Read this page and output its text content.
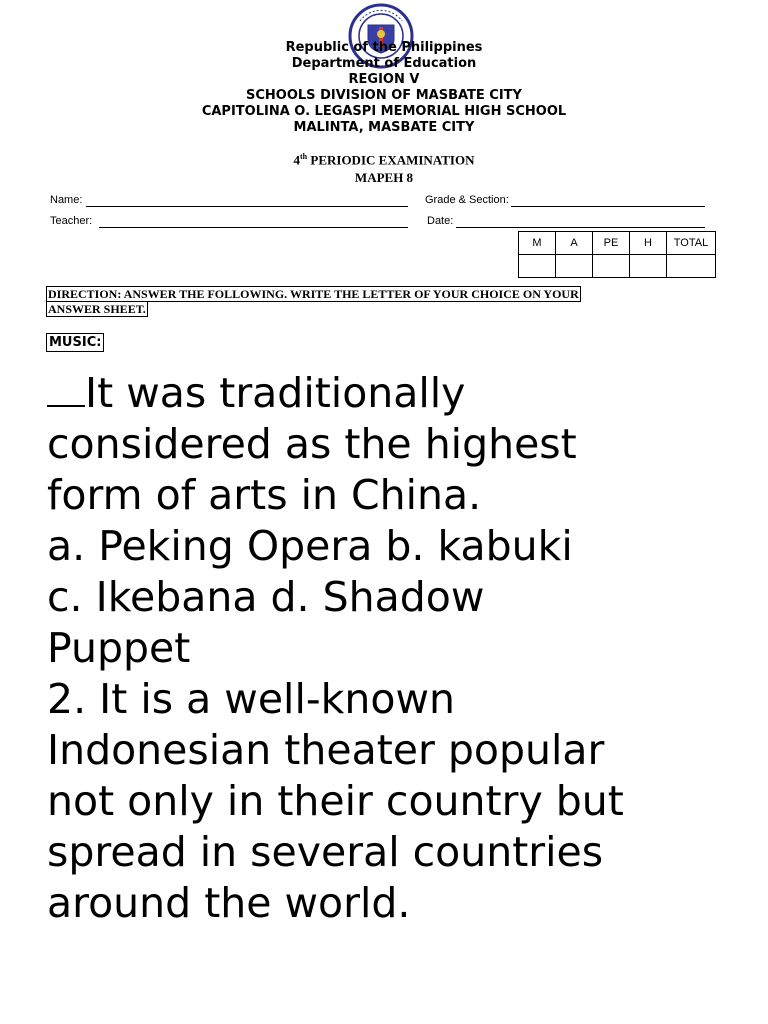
Republic of the Philippines
Department of Education
REGION V
SCHOOLS DIVISION OF MASBATE CITY
CAPITOLINA O. LEGASPI MEMORIAL HIGH SCHOOL
MALINTA, MASBATE CITY
4th PERIODIC EXAMINATION
MAPEH 8
Name:
Teacher:
Grade & Section:
Date:
M	A	PE	H	TOTAL

DIRECTION: ANSWER THE FOLLOWING. WRITE THE LETTER OF YOUR CHOICE ON YOUR
ANSWER SHEET.
MUSIC:
It was traditionally
considered as the highest
form of arts in China.
a. Peking Opera b. kabuki
c. Ikebana d. Shadow
Puppet
2. It is a well-known
Indonesian theater popular
not only in their country but
spread in several countries
around the world.
